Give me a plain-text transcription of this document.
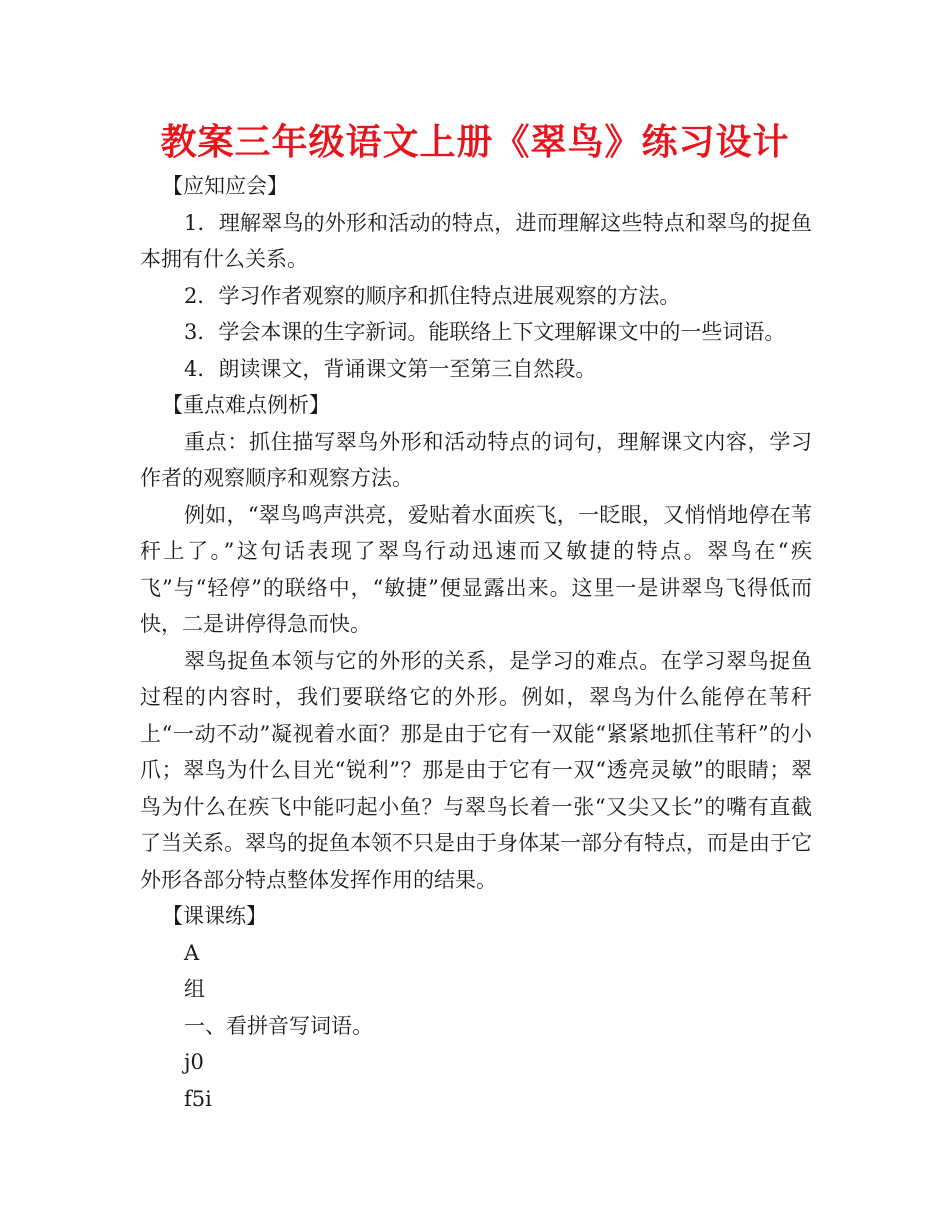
教案三年级语文上册《翠鸟》练习设计

【应知应会】

1．理解翠鸟的外形和活动的特点，进而理解这些特点和翠鸟的捉鱼本拥有什么关系。

2．学习作者观察的顺序和抓住特点进展观察的方法。

3．学会本课的生字新词。能联络上下文理解课文中的一些词语。

4．朗读课文，背诵课文第一至第三自然段。

【重点难点例析】

重点：抓住描写翠鸟外形和活动特点的词句，理解课文内容，学习作者的观察顺序和观察方法。

例如，“翠鸟鸣声洪亮，爱贴着水面疾飞，一眨眼，又悄悄地停在苇秆上了。”这句话表现了翠鸟行动迅速而又敏捷的特点。翠鸟在“疾飞”与“轻停”的联络中，“敏捷”便显露出来。这里一是讲翠鸟飞得低而快，二是讲停得急而快。

翠鸟捉鱼本领与它的外形的关系，是学习的难点。在学习翠鸟捉鱼过程的内容时，我们要联络它的外形。例如，翠鸟为什么能停在苇秆上“一动不动”凝视着水面？那是由于它有一双能“紧紧地抓住苇秆”的小爪；翠鸟为什么目光“锐利”？那是由于它有一双“透亮灵敏”的眼睛；翠鸟为什么在疾飞中能叼起小鱼？与翠鸟长着一张“又尖又长”的嘴有直截了当关系。翠鸟的捉鱼本领不只是由于身体某一部分有特点，而是由于它外形各部分特点整体发挥作用的结果。

【课课练】

A

组

一、看拼音写词语。

j0

f5i
